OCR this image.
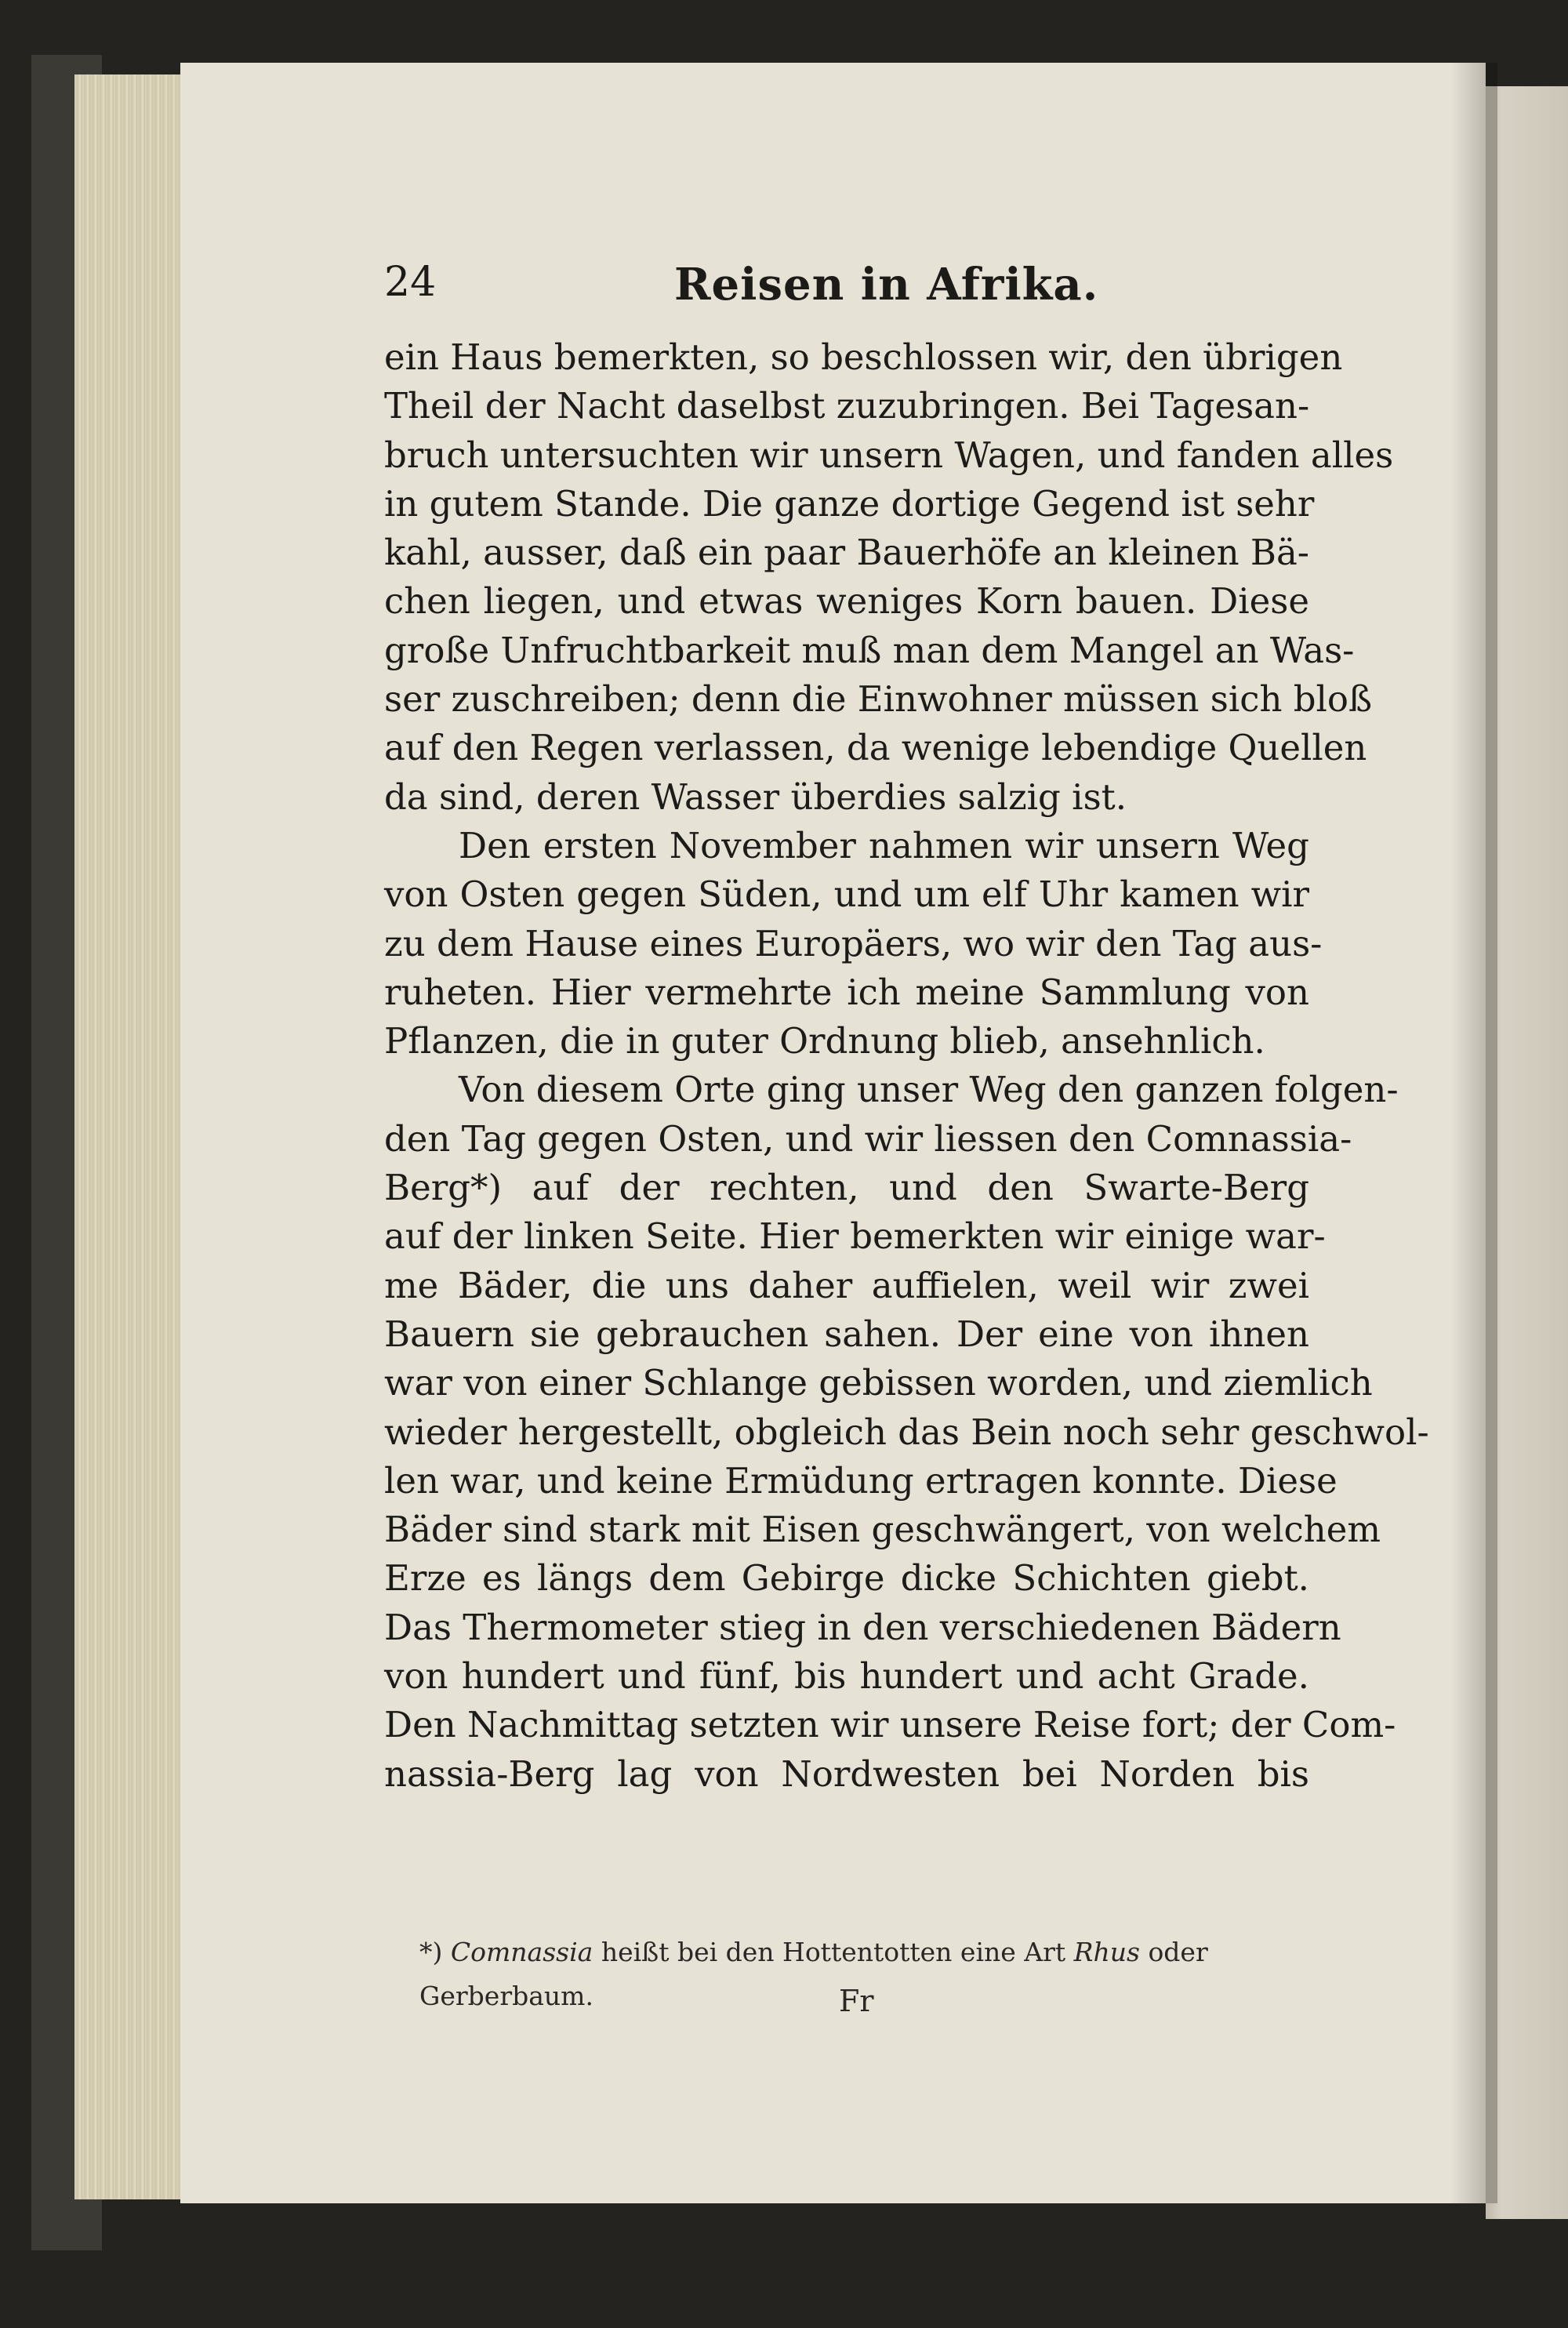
24	Reisen in Afrika.
ein Haus bemerkten, so beschlossen wir, den übrigen
Theil der Nacht daselbst zuzubringen. Bei Tagesan-
bruch untersuchten wir unsern Wagen, und fanden alles
in gutem Stande. Die ganze dortige Gegend ist sehr
kahl, ausser, daß ein paar Bauerhöfe an kleinen Bä-
chen liegen, und etwas weniges Korn bauen. Diese
große Unfruchtbarkeit muß man dem Mangel an Was-
ser zuschreiben; denn die Einwohner müssen sich bloß
auf den Regen verlassen, da wenige lebendige Quellen
da sind, deren Wasser überdies salzig ist.
Den ersten November nahmen wir unsern Weg
von Osten gegen Süden, und um elf Uhr kamen wir
zu dem Hause eines Europäers, wo wir den Tag aus-
ruheten. Hier vermehrte ich meine Sammlung von
Pflanzen, die in guter Ordnung blieb, ansehnlich.
Von diesem Orte ging unser Weg den ganzen folgen-
den Tag gegen Osten, und wir liessen den Comnassia-
Berg*) auf der rechten, und den Swarte-Berg
auf der linken Seite. Hier bemerkten wir einige war-
me Bäder, die uns daher auffielen, weil wir zwei
Bauern sie gebrauchen sahen. Der eine von ihnen
war von einer Schlange gebissen worden, und ziemlich
wieder hergestellt, obgleich das Bein noch sehr geschwol-
len war, und keine Ermüdung ertragen konnte. Diese
Bäder sind stark mit Eisen geschwängert, von welchem
Erze es längs dem Gebirge dicke Schichten giebt.
Das Thermometer stieg in den verschiedenen Bädern
von hundert und fünf, bis hundert und acht Grade.
Den Nachmittag setzten wir unsere Reise fort; der Com-
nassia-Berg lag von Nordwesten bei Norden bis
*) Comnassia heißt bei den Hottentotten eine Art Rhus oder
Gerberbaum.	Fr
